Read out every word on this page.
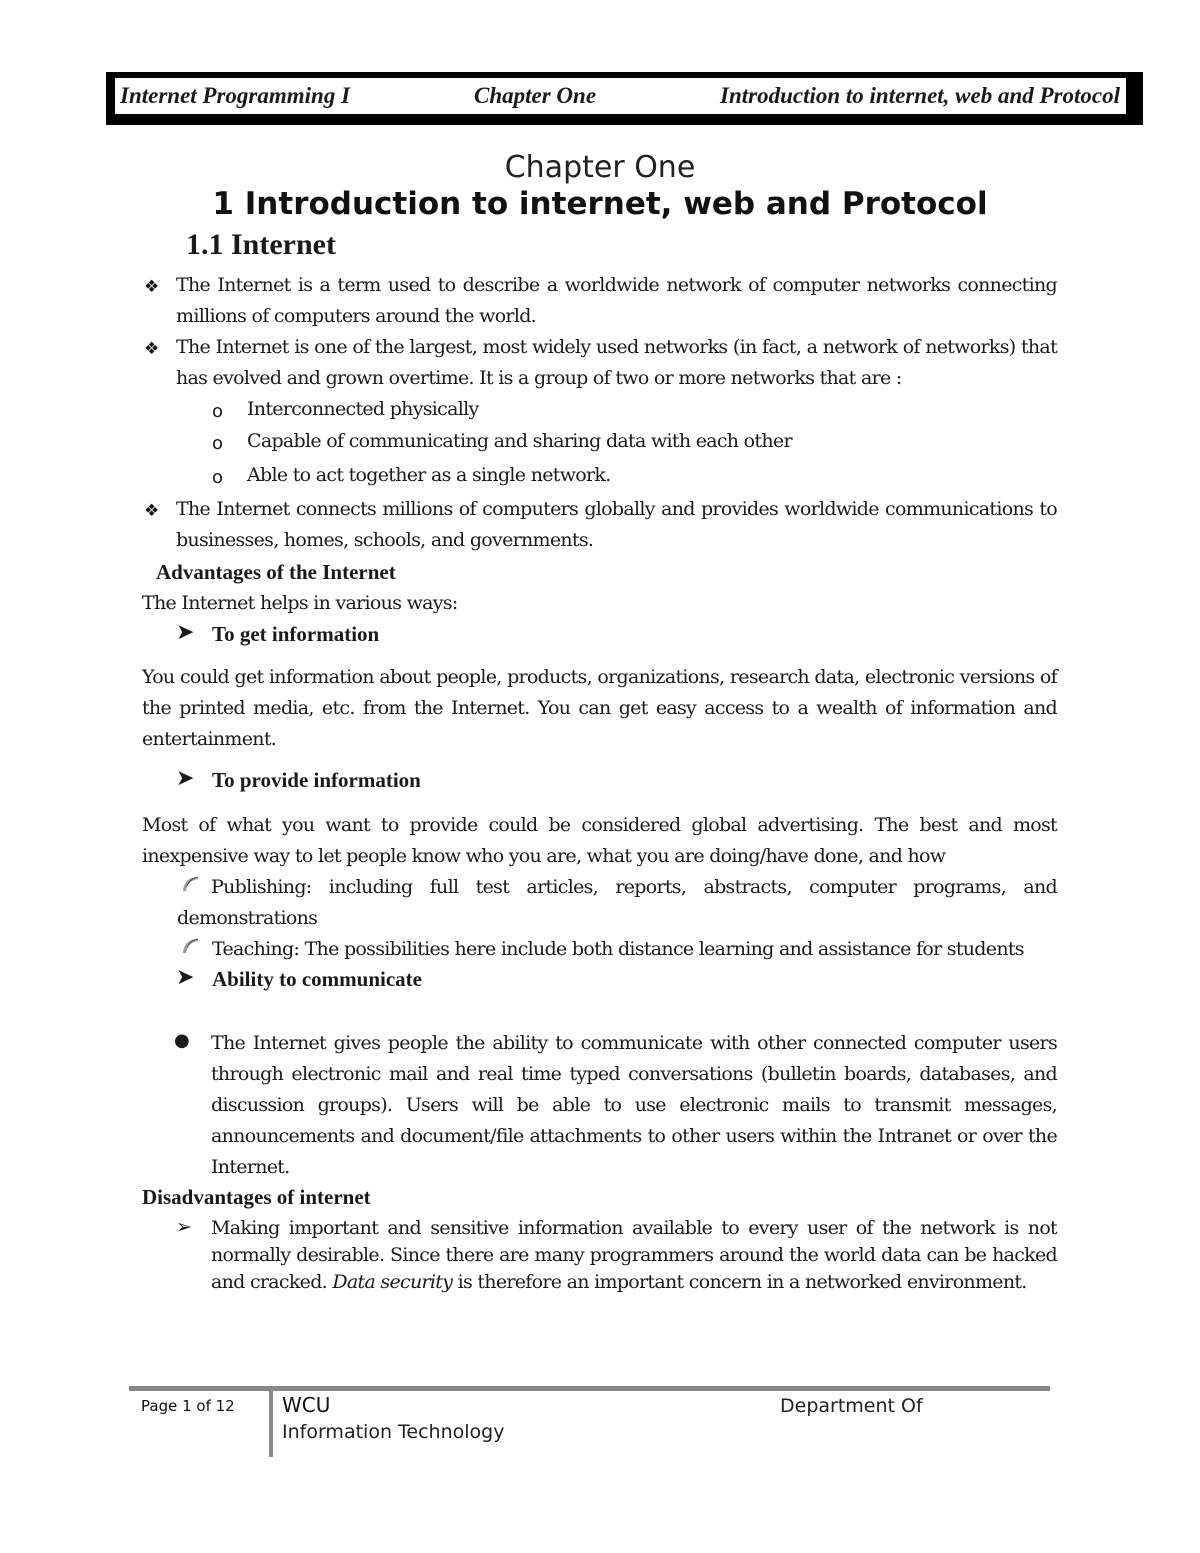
Internet Programming I	Chapter One	Introduction to internet, web and Protocol
Chapter One
1 Introduction to internet, web and Protocol
1.1 Internet
❖ The Internet is a term used to describe a worldwide network of computer networks connecting millions of computers around the world.
❖ The Internet is one of the largest, most widely used networks (in fact, a network of networks) that has evolved and grown overtime. It is a group of two or more networks that are :
o Interconnected physically
o Capable of communicating and sharing data with each other
o Able to act together as a single network.
❖ The Internet connects millions of computers globally and provides worldwide communications to businesses, homes, schools, and governments.
Advantages of the Internet
The Internet helps in various ways:
➤ To get information
You could get information about people, products, organizations, research data, electronic versions of the printed media, etc. from the Internet. You can get easy access to a wealth of information and entertainment.
➤ To provide information
Most of what you want to provide could be considered global advertising. The best and most inexpensive way to let people know who you are, what you are doing/have done, and how
Publishing: including full test articles, reports, abstracts, computer programs, and demonstrations
Teaching: The possibilities here include both distance learning and assistance for students
➤ Ability to communicate
● The Internet gives people the ability to communicate with other connected computer users through electronic mail and real time typed conversations (bulletin boards, databases, and discussion groups). Users will be able to use electronic mails to transmit messages, announcements and document/file attachments to other users within the Intranet or over the Internet.
Disadvantages of internet
➢ Making important and sensitive information available to every user of the network is not normally desirable. Since there are many programmers around the world data can be hacked and cracked. Data security is therefore an important concern in a networked environment.
Page 1 of 12 WCU
Information Technology
Department Of
